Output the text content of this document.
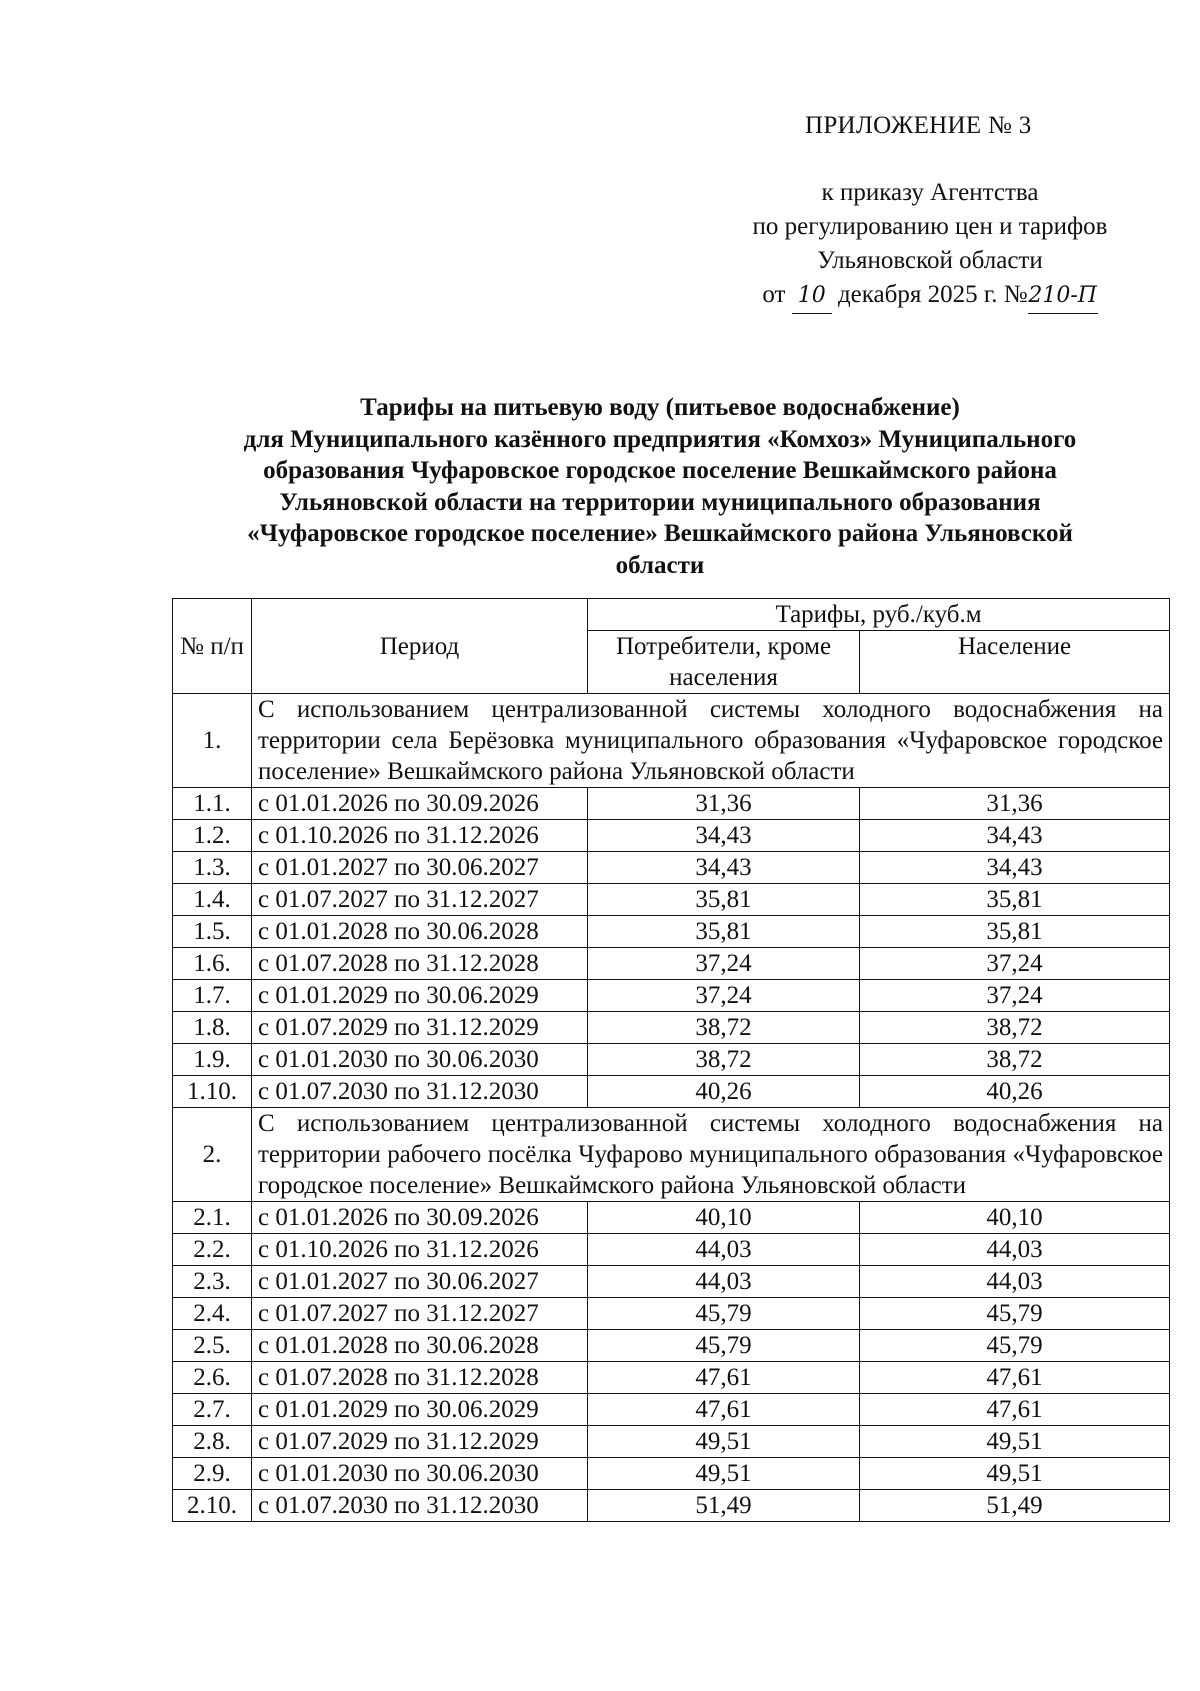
ПРИЛОЖЕНИЕ № 3
к приказу Агентства
по регулированию цен и тарифов
Ульяновской области
от 10 декабря 2025 г. №210-П
Тарифы на питьевую воду (питьевое водоснабжение)
для Муниципального казённого предприятия «Комхоз» Муниципального
образования Чуфаровское городское поселение Вешкаймского района
Ульяновской области на территории муниципального образования
«Чуфаровское городское поселение» Вешкаймского района Ульяновской
области
№ п/п	Период	Тарифы, руб./куб.м	
		Потребители, кроме населения	Население
1.	С использованием централизованной системы холодного водоснабжения на территории села Берёзовка муниципального образования «Чуфаровское городское поселение» Вешкаймского района Ульяновской области		
1.1.	с 01.01.2026 по 30.09.2026	31,36	31,36
1.2.	с 01.10.2026 по 31.12.2026	34,43	34,43
1.3.	с 01.01.2027 по 30.06.2027	34,43	34,43
1.4.	с 01.07.2027 по 31.12.2027	35,81	35,81
1.5.	с 01.01.2028 по 30.06.2028	35,81	35,81
1.6.	с 01.07.2028 по 31.12.2028	37,24	37,24
1.7.	с 01.01.2029 по 30.06.2029	37,24	37,24
1.8.	с 01.07.2029 по 31.12.2029	38,72	38,72
1.9.	с 01.01.2030 по 30.06.2030	38,72	38,72
1.10.	с 01.07.2030 по 31.12.2030	40,26	40,26
2.	С использованием централизованной системы холодного водоснабжения на территории рабочего посёлка Чуфарово муниципального образования «Чуфаровское городское поселение» Вешкаймского района Ульяновской области		
2.1.	с 01.01.2026 по 30.09.2026	40,10	40,10
2.2.	с 01.10.2026 по 31.12.2026	44,03	44,03
2.3.	с 01.01.2027 по 30.06.2027	44,03	44,03
2.4.	с 01.07.2027 по 31.12.2027	45,79	45,79
2.5.	с 01.01.2028 по 30.06.2028	45,79	45,79
2.6.	с 01.07.2028 по 31.12.2028	47,61	47,61
2.7.	с 01.01.2029 по 30.06.2029	47,61	47,61
2.8.	с 01.07.2029 по 31.12.2029	49,51	49,51
2.9.	с 01.01.2030 по 30.06.2030	49,51	49,51
2.10.	с 01.07.2030 по 31.12.2030	51,49	51,49
